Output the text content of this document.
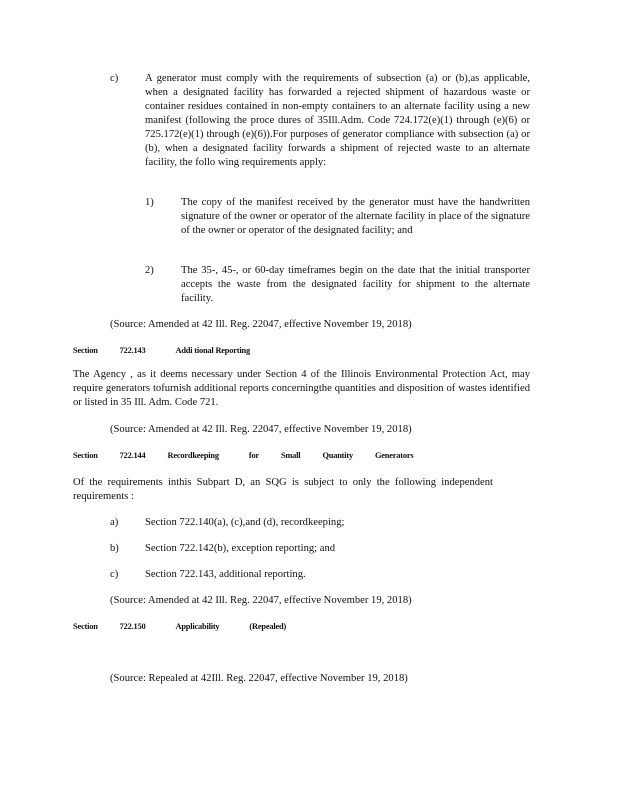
c)	A generator must comply with the requirements of subsection (a) or (b),as applicable, when a designated facility has forwarded a rejected shipment of hazardous waste or container residues contained in non-empty containers to an alternate facility using a new manifest (following the proce dures of 35Ill.Adm. Code 724.172(e)(1) through (e)(6) or 725.172(e)(1) through (e)(6)).For purposes of generator compliance with subsection (a) or (b), when a designated facility forwards a shipment of rejected waste to an alternate facility, the follo wing requirements apply:
1)	The copy of the manifest received by the generator must have the handwritten signature of the owner or operator of the alternate facility in place of the signature of the owner or operator of the designated facility; and
2)	The 35-, 45-, or 60-day timeframes begin on the date that the initial transporter accepts the waste from the designated facility for shipment to the alternate facility.
(Source: Amended at 42 Ill. Reg. 22047, effective November 19, 2018)
Section	722.143	Addi tional Reporting
The Agency , as it deems necessary under Section 4 of the Illinois Environmental Protection Act, may require generators tofurnish additional reports concerningthe quantities and disposition of wastes identified or listed in 35 Ill. Adm. Code 721.
(Source: Amended at 42 Ill. Reg. 22047, effective November 19, 2018)
Section	722.144	Recordkeeping	for	Small	Quantity	Generators
Of the requirements inthis Subpart D, an SQG is subject to only the following independent requirements :
a)	Section 722.140(a), (c),and (d), recordkeeping;
b) Section 722.142(b), exception reporting; and
c)	Section 722.143, additional reporting.
(Source: Amended at 42 Ill. Reg. 22047, effective November 19, 2018)
Section	722.150	Applicability	(Repealed)
(Source: Repealed at 42Ill. Reg. 22047, effective November 19, 2018)
